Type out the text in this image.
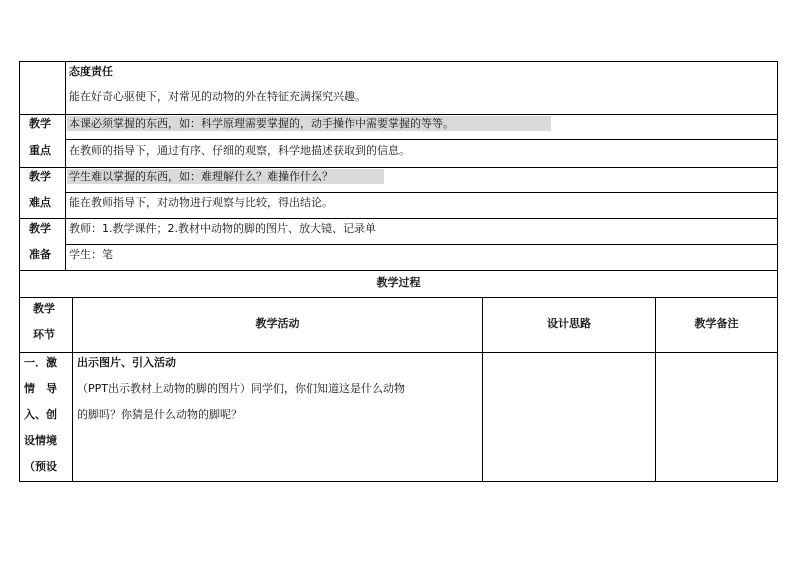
态度责任
能在好奇心驱使下，对常见的动物的外在特征充满探究兴趣。
教学
重点
本课必须掌握的东西，如：科学原理需要掌握的，动手操作中需要掌握的等等。
在教师的指导下，通过有序、仔细的观察，科学地描述获取到的信息。
教学
难点
学生难以掌握的东西，如：难理解什么？难操作什么？
能在教师指导下，对动物进行观察与比较，得出结论。
教学
准备
教师：1.教学课件；2.教材中动物的脚的图片、放大镜、记录单
学生：笔
教学过程
教学
环节
教学活动	设计思路	教学备注
一．激
情　导
入、创
设情境
（预设
出示图片、引入活动
（PPT出示教材上动物的脚的图片）同学们，你们知道这是什么动物
的脚吗？你猜是什么动物的脚呢？
